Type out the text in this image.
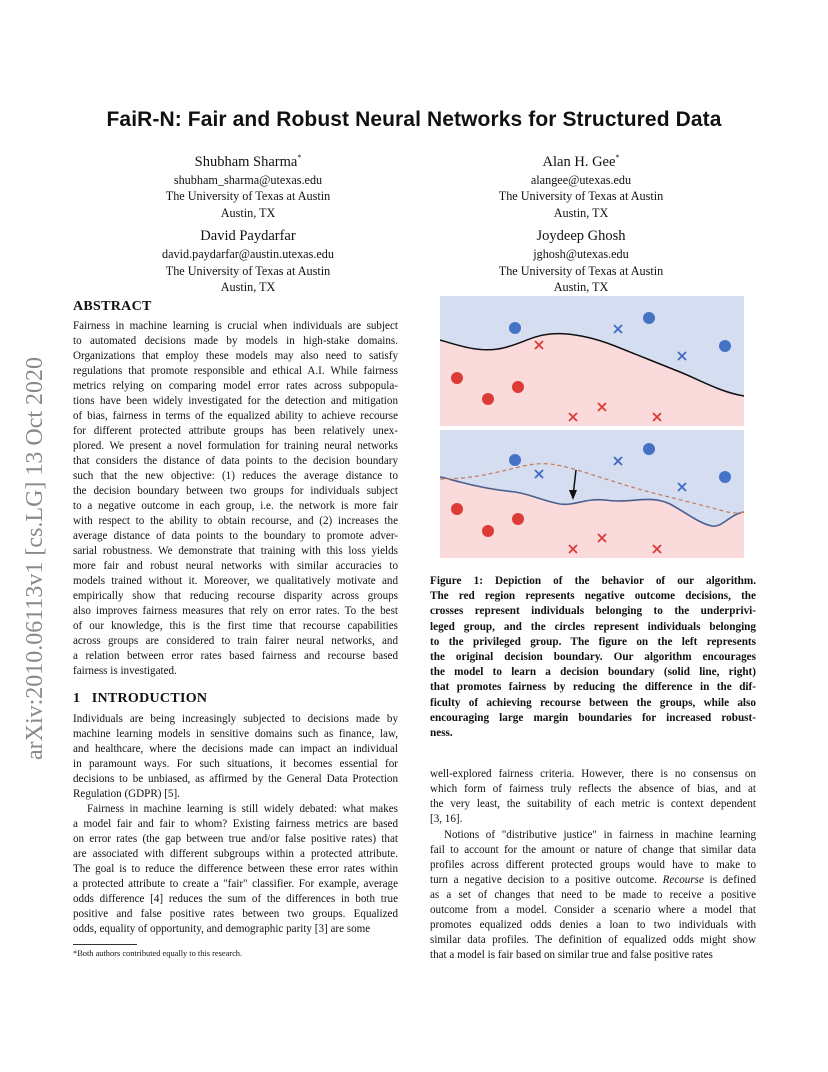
FaiR-N: Fair and Robust Neural Networks for Structured Data
Shubham Sharma*
shubham_sharma@utexas.edu
The University of Texas at Austin
Austin, TX
Alan H. Gee*
alangee@utexas.edu
The University of Texas at Austin
Austin, TX
David Paydarfar
david.paydarfar@austin.utexas.edu
The University of Texas at Austin
Austin, TX
Joydeep Ghosh
jghosh@utexas.edu
The University of Texas at Austin
Austin, TX
arXiv:2010.06113v1 [cs.LG] 13 Oct 2020
ABSTRACT
Fairness in machine learning is crucial when individuals are subject
to automated decisions made by models in high-stake domains.
Organizations that employ these models may also need to satisfy
regulations that promote responsible and ethical A.I. While fairness
metrics relying on comparing model error rates across subpopula-
tions have been widely investigated for the detection and mitigation
of bias, fairness in terms of the equalized ability to achieve recourse
for different protected attribute groups has been relatively unex-
plored. We present a novel formulation for training neural networks
that considers the distance of data points to the decision boundary
such that the new objective: (1) reduces the average distance to
the decision boundary between two groups for individuals subject
to a negative outcome in each group, i.e. the network is more fair
with respect to the ability to obtain recourse, and (2) increases the
average distance of data points to the boundary to promote adver-
sarial robustness. We demonstrate that training with this loss yields
more fair and robust neural networks with similar accuracies to
models trained without it. Moreover, we qualitatively motivate and
empirically show that reducing recourse disparity across groups
also improves fairness measures that rely on error rates. To the best
of our knowledge, this is the first time that recourse capabilities
across groups are considered to train fairer neural networks, and
a relation between error rates based fairness and recourse based
fairness is investigated.
1 INTRODUCTION
Individuals are being increasingly subjected to decisions made by
machine learning models in sensitive domains such as finance, law,
and healthcare, where the decisions made can impact an individual
in paramount ways. For such situations, it becomes essential for
decisions to be unbiased, as affirmed by the General Data Protection
Regulation (GDPR) [5].
Fairness in machine learning is still widely debated: what makes
a model fair and fair to whom? Existing fairness metrics are based
on error rates (the gap between true and/or false positive rates) that
are associated with different subgroups within a protected attribute.
The goal is to reduce the difference between these error rates within
a protected attribute to create a "fair" classifier. For example, average
odds difference [4] reduces the sum of the differences in both true
positive and false positive rates between two groups. Equalized
odds, equality of opportunity, and demographic parity [3] are some
*Both authors contributed equally to this research.
Figure 1: Depiction of the behavior of our algorithm.
The red region represents negative outcome decisions, the
crosses represent individuals belonging to the underprivi-
leged group, and the circles represent individuals belonging
to the privileged group. The figure on the left represents
the original decision boundary. Our algorithm encourages
the model to learn a decision boundary (solid line, right)
that promotes fairness by reducing the difference in the dif-
ficulty of achieving recourse between the groups, while also
encouraging large margin boundaries for increased robust-
ness.
well-explored fairness criteria. However, there is no consensus on
which form of fairness truly reflects the absence of bias, and at
the very least, the suitability of each metric is context dependent
[3, 16].
Notions of "distributive justice" in fairness in machine learning
fail to account for the amount or nature of change that similar data
profiles across different protected groups would have to make to
turn a negative decision to a positive outcome. Recourse is defined
as a set of changes that need to be made to receive a positive
outcome from a model. Consider a scenario where a model that
promotes equalized odds denies a loan to two individuals with
similar data profiles. The definition of equalized odds might show
that a model is fair based on similar true and false positive rates
